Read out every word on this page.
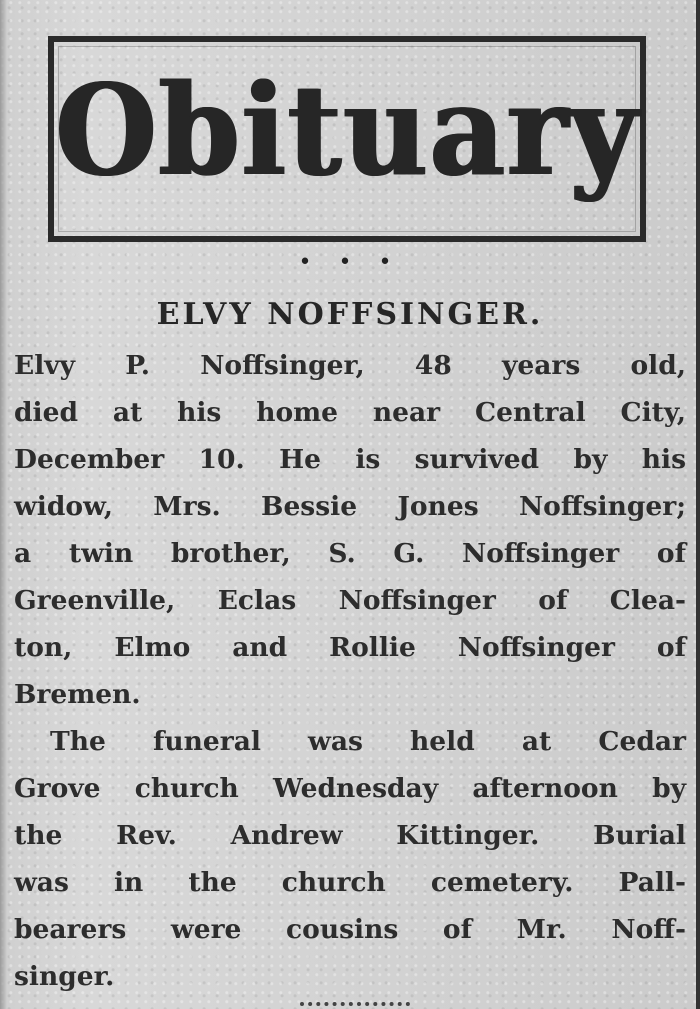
Obituary
• • •
ELVY NOFFSINGER.
Elvy P. Noffsinger, 48 years old,
died at his home near Central City,
December 10. He is survived by his
widow, Mrs. Bessie Jones Noffsinger;
a twin brother, S. G. Noffsinger of
Greenville, Eclas Noffsinger of Clea-
ton, Elmo and Rollie Noffsinger of
Bremen.
The funeral was held at Cedar
Grove church Wednesday afternoon by
the Rev. Andrew Kittinger. Burial
was in the church cemetery. Pall-
bearers were cousins of Mr. Noff-
singer.
